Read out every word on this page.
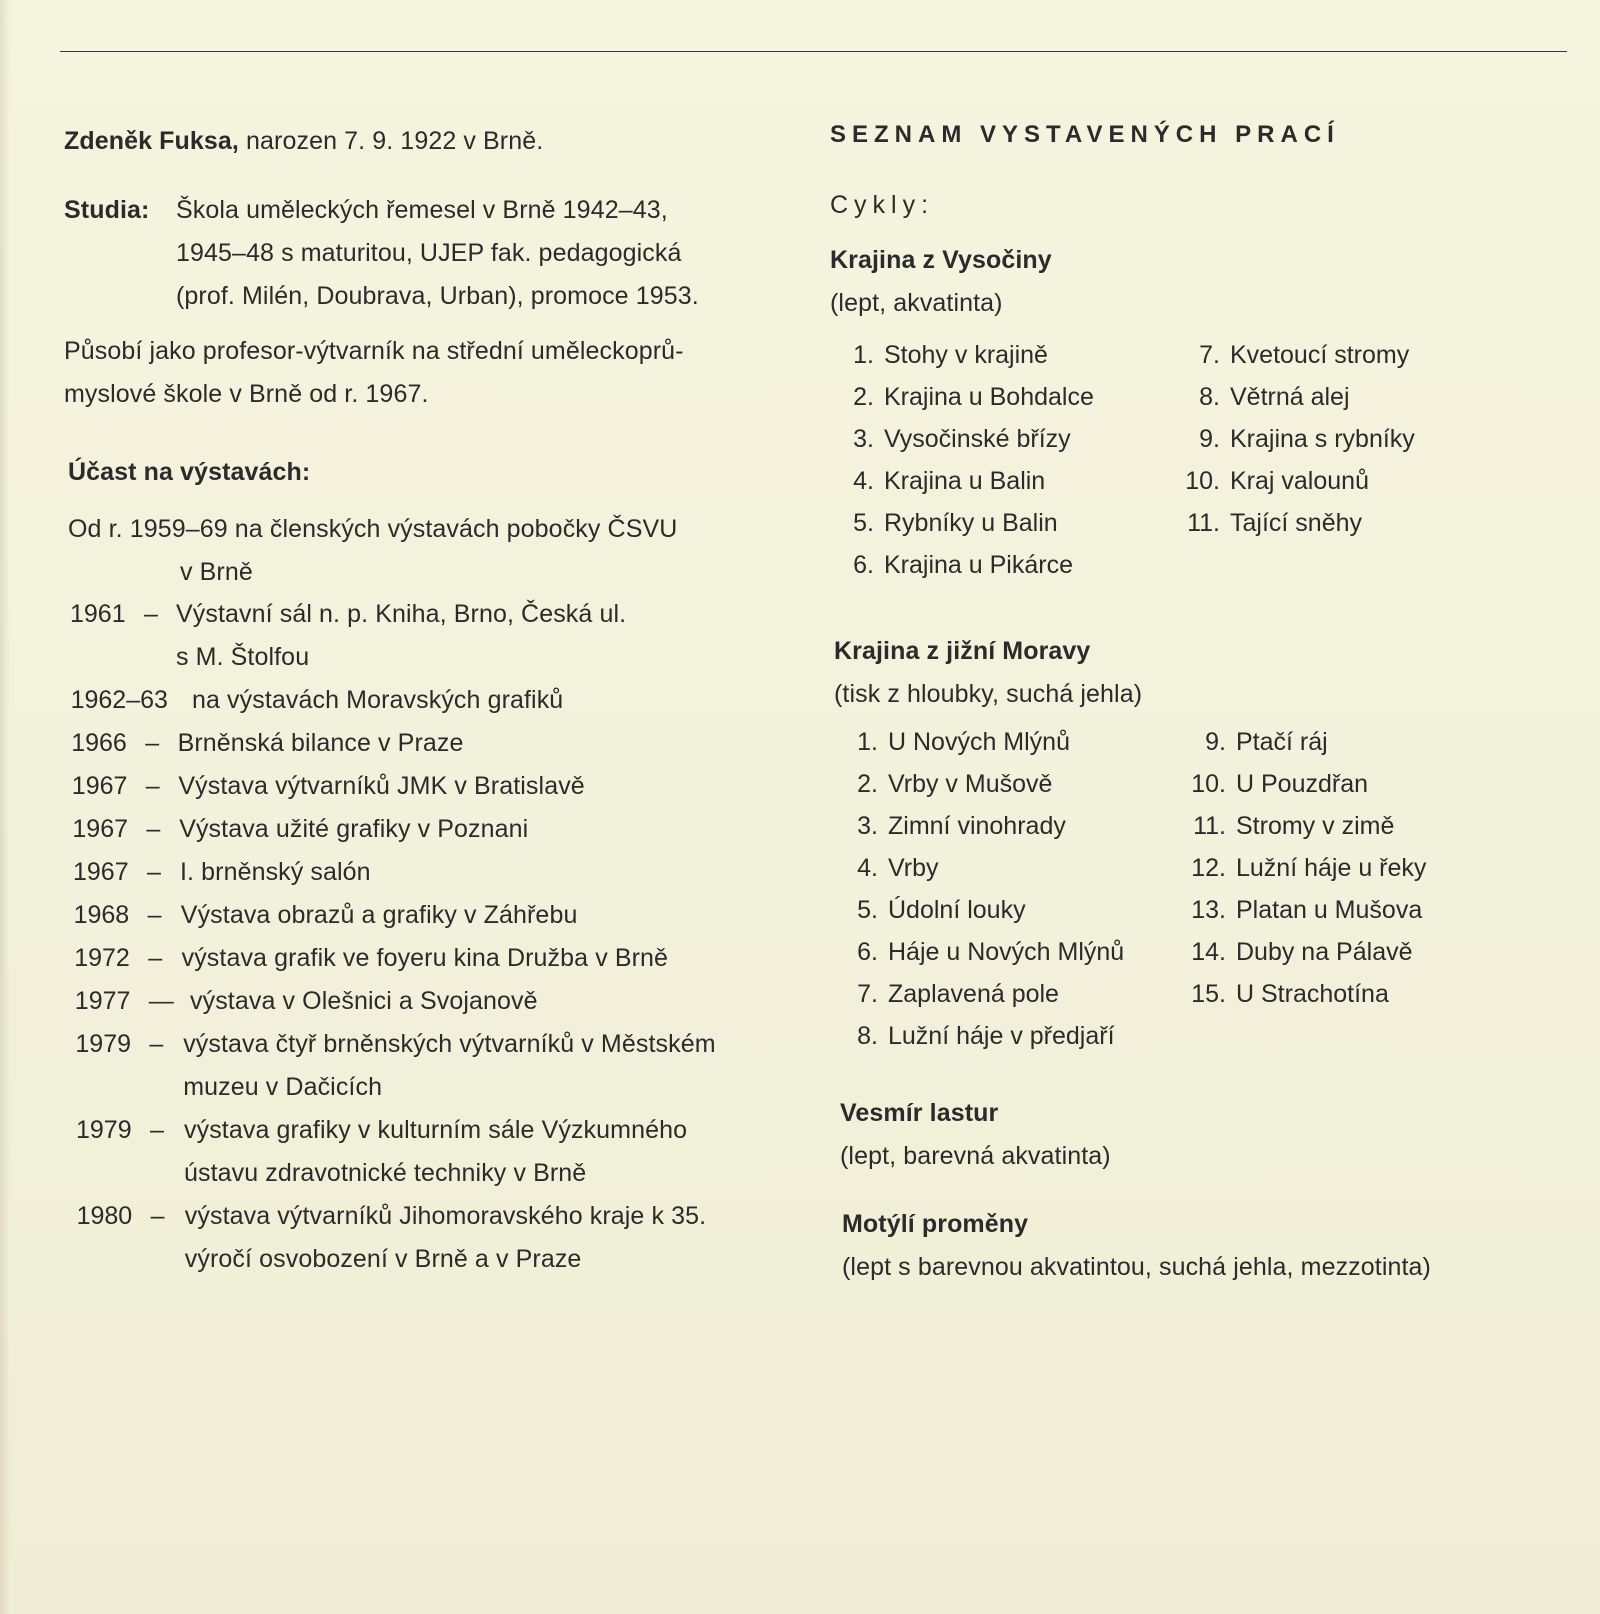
Zdeněk Fuksa, narozen 7. 9. 1922 v Brně.
Studia: Škola uměleckých řemesel v Brně 1942–43,
1945–48 s maturitou, UJEP fak. pedagogická
(prof. Milén, Doubrava, Urban), promoce 1953.
Působí jako profesor-výtvarník na střední uměleckoprů-
myslové škole v Brně od r. 1967.
Účast na výstavách:
Od r. 1959–69 na členských výstavách pobočky ČSVU
v Brně
1961 – Výstavní sál n. p. Kniha, Brno, Česká ul.
s M. Štolfou
1962–63 na výstavách Moravských grafiků
1966 – Brněnská bilance v Praze
1967 – Výstava výtvarníků JMK v Bratislavě
1967 – Výstava užité grafiky v Poznani
1967 – I. brněnský salón
1968 – Výstava obrazů a grafiky v Záhřebu
1972 – výstava grafik ve foyeru kina Družba v Brně
1977 — výstava v Olešnici a Svojanově
1979 – výstava čtyř brněnských výtvarníků v Městském
muzeu v Dačicích
1979 – výstava grafiky v kulturním sále Výzkumného
ústavu zdravotnické techniky v Brně
1980 – výstava výtvarníků Jihomoravského kraje k 35.
výročí osvobození v Brně a v Praze
SEZNAM VYSTAVENÝCH PRACÍ
Cykly:
Krajina z Vysočiny
(lept, akvatinta)
1. Stohy v krajině
2. Krajina u Bohdalce
3. Vysočinské břízy
4. Krajina u Balin
5. Rybníky u Balin
6. Krajina u Pikárce
7. Kvetoucí stromy
8. Větrná alej
9. Krajina s rybníky
10. Kraj valounů
11. Tající sněhy
Krajina z jižní Moravy
(tisk z hloubky, suchá jehla)
1. U Nových Mlýnů
2. Vrby v Mušově
3. Zimní vinohrady
4. Vrby
5. Údolní louky
6. Háje u Nových Mlýnů
7. Zaplavená pole
8. Lužní háje v předjaří
9. Ptačí ráj
10. U Pouzdřan
11. Stromy v zimě
12. Lužní háje u řeky
13. Platan u Mušova
14. Duby na Pálavě
15. U Strachotína
Vesmír lastur
(lept, barevná akvatinta)
Motýlí proměny
(lept s barevnou akvatintou, suchá jehla, mezzotinta)
